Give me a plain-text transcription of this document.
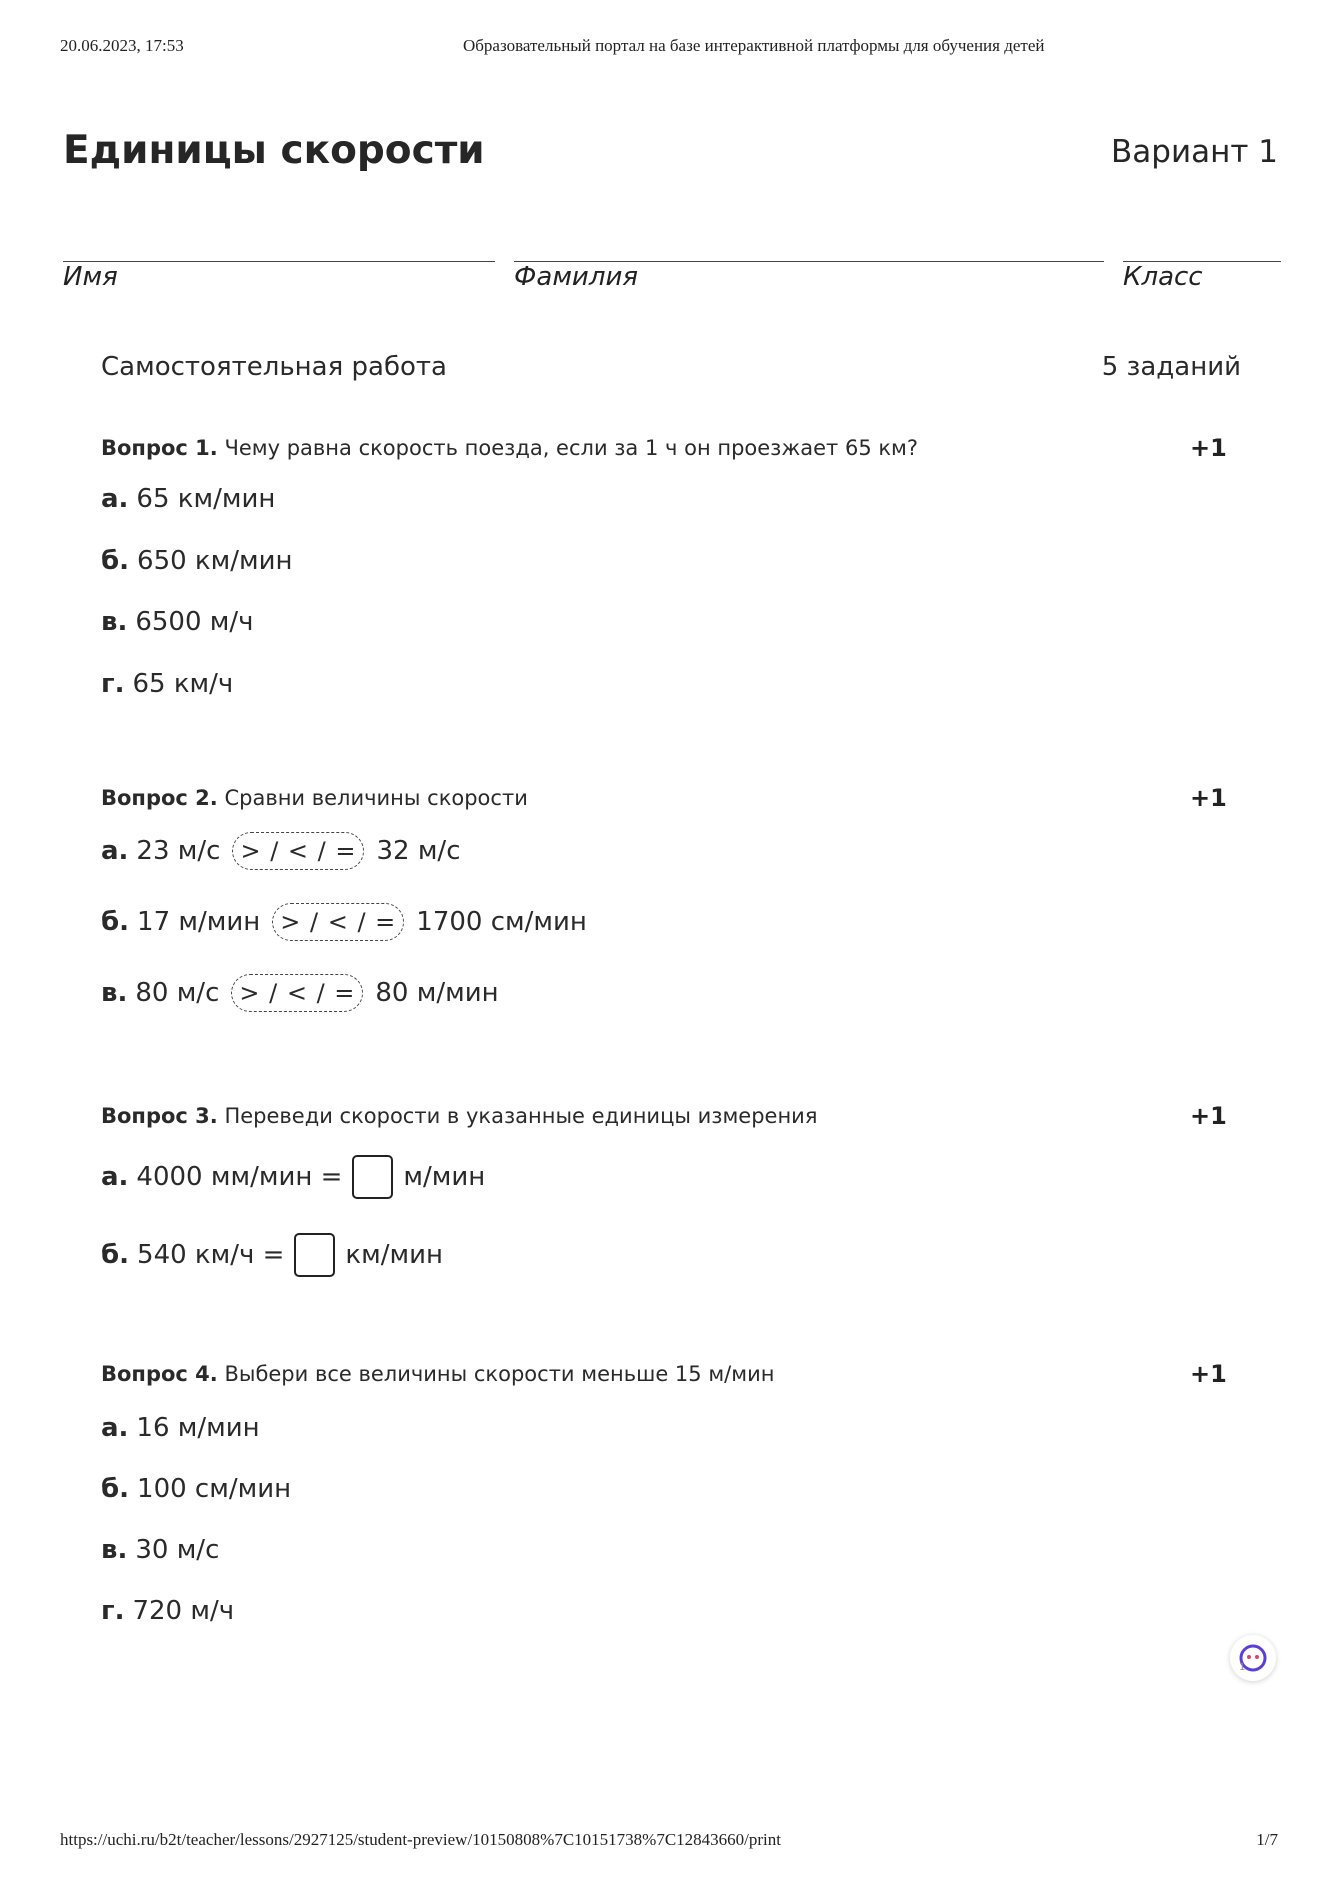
20.06.2023, 17:53	Образовательный портал на базе интерактивной платформы для обучения детей
Единицы скорости	Вариант 1
Имя	Фамилия	Класс
Самостоятельная работа	5 заданий
Вопрос 1. Чему равна скорость поезда, если за 1 ч он проезжает 65 км?	+1
а. 65 км/мин
б. 650 км/мин
в. 6500 м/ч
г. 65 км/ч
Вопрос 2. Сравни величины скорости	+1
а. 23 м/с > / < / = 32 м/с
б. 17 м/мин > / < / = 1700 см/мин
в. 80 м/с > / < / = 80 м/мин
Вопрос 3. Переведи скорости в указанные единицы измерения	+1
а. 4000 мм/мин = м/мин
б. 540 км/ч = км/мин
Вопрос 4. Выбери все величины скорости меньше 15 м/мин	+1
а. 16 м/мин
б. 100 см/мин
в. 30 м/с
г. 720 м/ч
1
https://uchi.ru/b2t/teacher/lessons/2927125/student-preview/10150808%7C10151738%7C12843660/print	1/7
